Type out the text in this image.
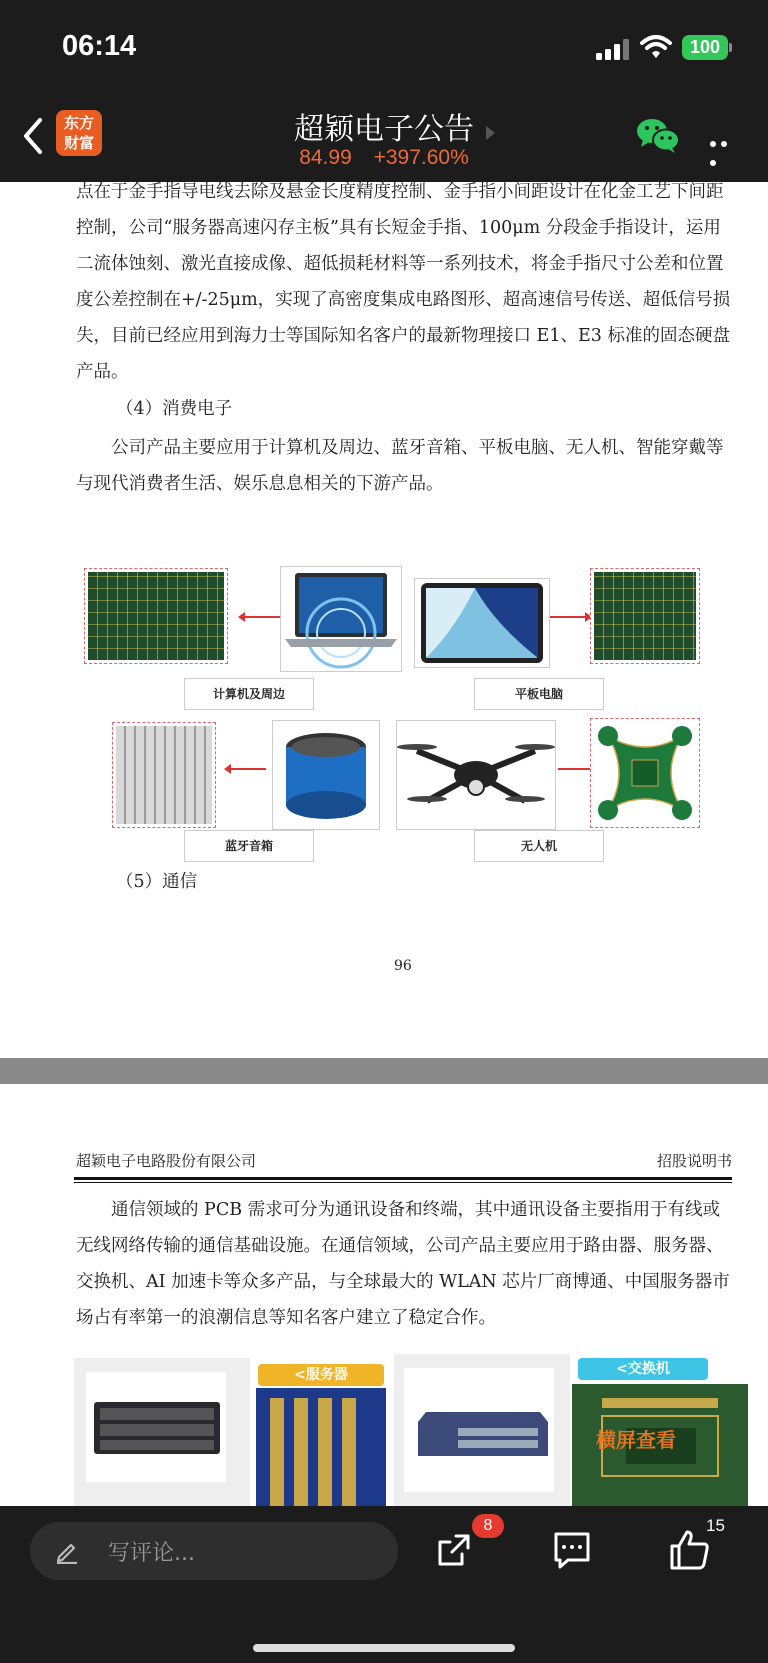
06:14	100
东方
财富	超颖电子公告
84.99 +397.60%
点在于金手指导电线去除及悬金长度精度控制、金手指小间距设计在化金工艺下间距控制，公司“服务器高速闪存主板”具有长短金手指、100μm 分段金手指设计，运用二流体蚀刻、激光直接成像、超低损耗材料等一系列技术，将金手指尺寸公差和位置度公差控制在+/-25μm，实现了高密度集成电路图形、超高速信号传送、超低信号损失，目前已经应用到海力士等国际知名客户的最新物理接口 E1、E3 标准的固态硬盘产品。
（4）消费电子
公司产品主要应用于计算机及周边、蓝牙音箱、平板电脑、无人机、智能穿戴等与现代消费者生活、娱乐息息相关的下游产品。
计算机及周边	平板电脑
蓝牙音箱	无人机
（5）通信
96
超颖电子电路股份有限公司	招股说明书
通信领域的 PCB 需求可分为通讯设备和终端，其中通讯设备主要指用于有线或无线网络传输的通信基础设施。在通信领域，公司产品主要应用于路由器、服务器、交换机、AI 加速卡等众多产品，与全球最大的 WLAN 芯片厂商博通、中国服务器市场占有率第一的浪潮信息等知名客户建立了稳定合作。
<服务器	<交换机
横屏查看
写评论...
8	15
